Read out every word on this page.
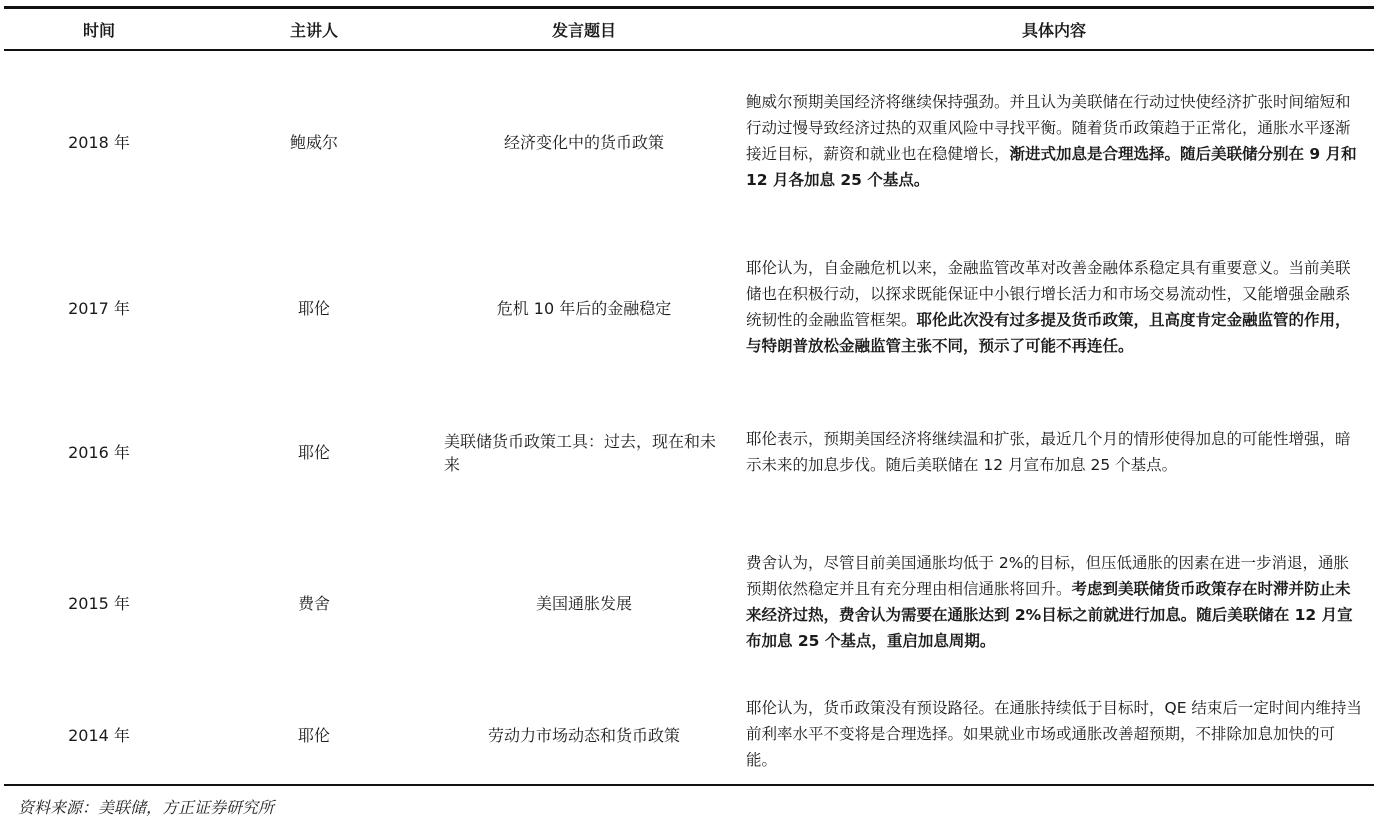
时间	主讲人	发言题目	具体内容
2018 年	鲍威尔	经济变化中的货币政策	鲍威尔预期美国经济将继续保持强劲。并且认为美联储在行动过快使经济扩张时间缩短和行动过慢导致经济过热的双重风险中寻找平衡。随着货币政策趋于正常化，通胀水平逐渐接近目标，薪资和就业也在稳健增长，渐进式加息是合理选择。随后美联储分别在 9 月和 12 月各加息 25 个基点。
2017 年	耶伦	危机 10 年后的金融稳定	耶伦认为，自金融危机以来，金融监管改革对改善金融体系稳定具有重要意义。当前美联储也在积极行动，以探求既能保证中小银行增长活力和市场交易流动性，又能增强金融系统韧性的金融监管框架。耶伦此次没有过多提及货币政策，且高度肯定金融监管的作用，与特朗普放松金融监管主张不同，预示了可能不再连任。
2016 年	耶伦	美联储货币政策工具：过去，现在和未来	耶伦表示，预期美国经济将继续温和扩张，最近几个月的情形使得加息的可能性增强，暗示未来的加息步伐。随后美联储在 12 月宣布加息 25 个基点。
2015 年	费舍	美国通胀发展	费舍认为，尽管目前美国通胀均低于 2%的目标，但压低通胀的因素在进一步消退，通胀预期依然稳定并且有充分理由相信通胀将回升。考虑到美联储货币政策存在时滞并防止未来经济过热，费舍认为需要在通胀达到 2%目标之前就进行加息。随后美联储在 12 月宣布加息 25 个基点，重启加息周期。
2014 年	耶伦	劳动力市场动态和货币政策	耶伦认为，货币政策没有预设路径。在通胀持续低于目标时，QE 结束后一定时间内维持当前利率水平不变将是合理选择。如果就业市场或通胀改善超预期，不排除加息加快的可能。
资料来源：美联储，方正证券研究所
